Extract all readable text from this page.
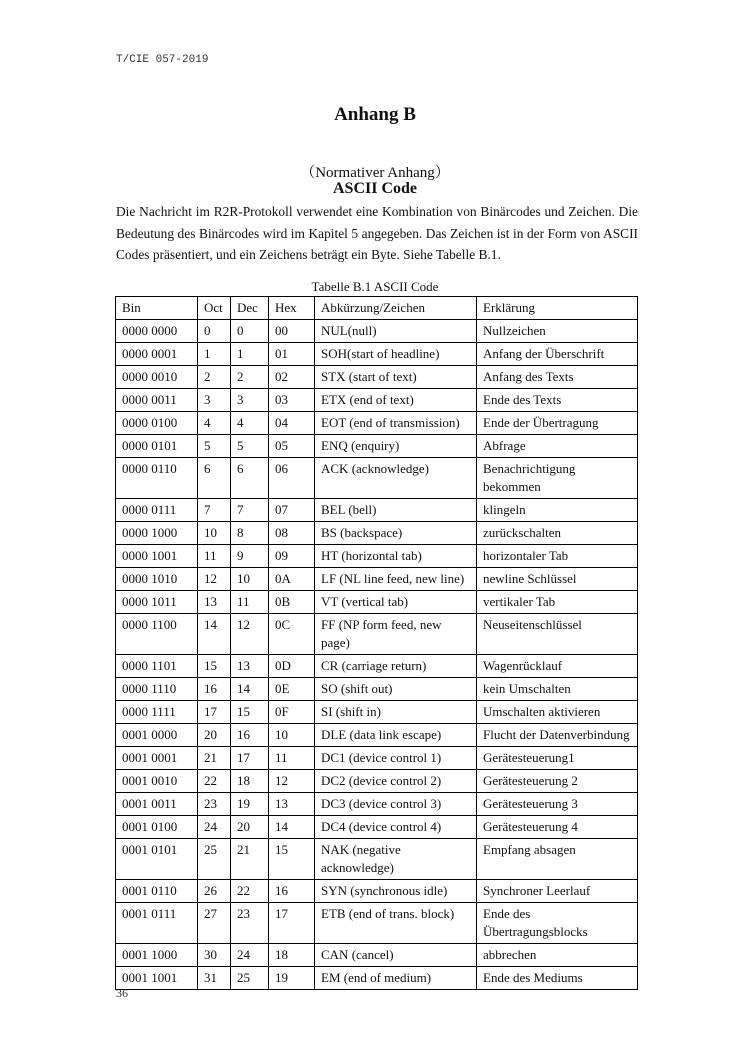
T/CIE 057-2019
Anhang B
（Normativer Anhang）
ASCII Code

Die Nachricht im R2R-Protokoll verwendet eine Kombination von Binärcodes und Zeichen. Die Bedeutung des Binärcodes wird im Kapitel 5 angegeben. Das Zeichen ist in der Form von ASCII Codes präsentiert, und ein Zeichens beträgt ein Byte. Siehe Tabelle B.1.

Tabelle B.1 ASCII Code
Bin	Oct	Dec	Hex	Abkürzung/Zeichen	Erklärung
0000 0000	0	0	00	NUL(null)	Nullzeichen
0000 0001	1	1	01	SOH(start of headline)	Anfang der Überschrift
0000 0010	2	2	02	STX (start of text)	Anfang des Texts
0000 0011	3	3	03	ETX (end of text)	Ende des Texts
0000 0100	4	4	04	EOT (end of transmission)	Ende der Übertragung
0000 0101	5	5	05	ENQ (enquiry)	Abfrage
0000 0110	6	6	06	ACK (acknowledge)	Benachrichtigung bekommen
0000 0111	7	7	07	BEL (bell)	klingeln
0000 1000	10	8	08	BS (backspace)	zurückschalten
0000 1001	11	9	09	HT (horizontal tab)	horizontaler Tab
0000 1010	12	10	0A	LF (NL line feed, new line)	newline Schlüssel
0000 1011	13	11	0B	VT (vertical tab)	vertikaler Tab
0000 1100	14	12	0C	FF (NP form feed, new page)	Neuseitenschlüssel
0000 1101	15	13	0D	CR (carriage return)	Wagenrücklauf
0000 1110	16	14	0E	SO (shift out)	kein Umschalten
0000 1111	17	15	0F	SI (shift in)	Umschalten aktivieren
0001 0000	20	16	10	DLE (data link escape)	Flucht der Datenverbindung
0001 0001	21	17	11	DC1 (device control 1)	Gerätesteuerung1
0001 0010	22	18	12	DC2 (device control 2)	Gerätesteuerung 2
0001 0011	23	19	13	DC3 (device control 3)	Gerätesteuerung 3
0001 0100	24	20	14	DC4 (device control 4)	Gerätesteuerung 4
0001 0101	25	21	15	NAK (negative acknowledge)	Empfang absagen
0001 0110	26	22	16	SYN (synchronous idle)	Synchroner Leerlauf
0001 0111	27	23	17	ETB (end of trans. block)	Ende des Übertragungsblocks
0001 1000	30	24	18	CAN (cancel)	abbrechen
0001 1001	31	25	19	EM (end of medium)	Ende des Mediums
36
